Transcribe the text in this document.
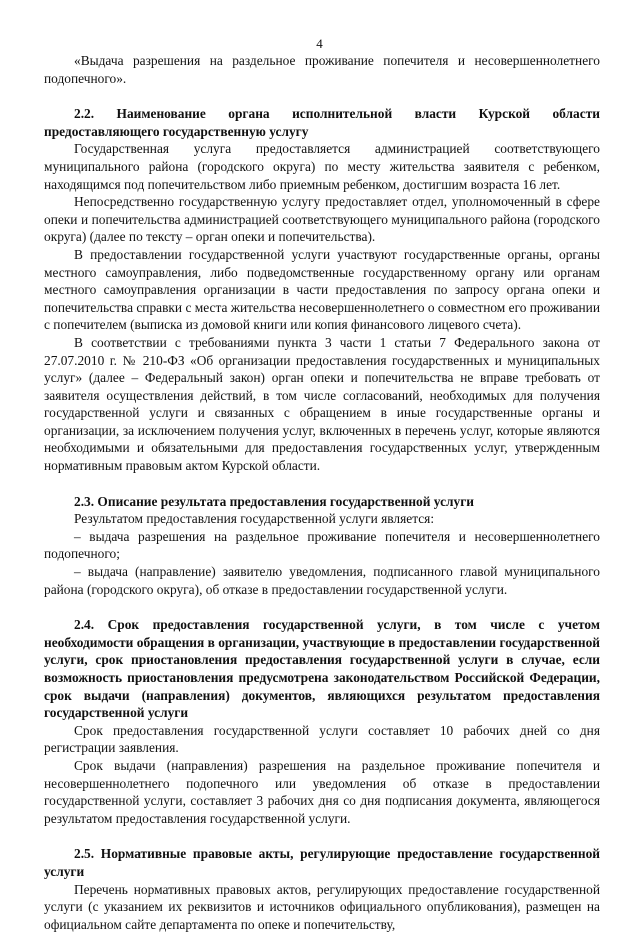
4

«Выдача разрешения на раздельное проживание попечителя и несовершеннолетнего подопечного».

2.2. Наименование органа исполнительной власти Курской области предоставляющего государственную услугу

Государственная услуга предоставляется администрацией соответствующего муниципального района (городского округа) по месту жительства заявителя с ребенком, находящимся под попечительством либо приемным ребенком, достигшим возраста 16 лет.

Непосредственно государственную услугу предоставляет отдел, уполномоченный в сфере опеки и попечительства администрацией соответствующего муниципального района (городского округа) (далее по тексту – орган опеки и попечительства).

В предоставлении государственной услуги участвуют государственные органы, органы местного самоуправления, либо подведомственные государственному органу или органам местного самоуправления организации в части предоставления по запросу органа опеки и попечительства справки с места жительства несовершеннолетнего о совместном его проживании с попечителем (выписка из домовой книги или копия финансового лицевого счета).

В соответствии с требованиями пункта 3 части 1 статьи 7 Федерального закона от 27.07.2010 г. № 210-ФЗ «Об организации предоставления государственных и муниципальных услуг» (далее – Федеральный закон) орган опеки и попечительства не вправе требовать от заявителя осуществления действий, в том числе согласований, необходимых для получения государственной услуги и связанных с обращением в иные государственные органы и организации, за исключением получения услуг, включенных в перечень услуг, которые являются необходимыми и обязательными для предоставления государственных услуг, утвержденным нормативным правовым актом Курской области.

2.3. Описание результата предоставления государственной услуги

Результатом предоставления государственной услуги является:

– выдача разрешения на раздельное проживание попечителя и несовершеннолетнего подопечного;

– выдача (направление) заявителю уведомления, подписанного главой муниципального района (городского округа), об отказе в предоставлении государственной услуги.

2.4. Срок предоставления государственной услуги, в том числе с учетом необходимости обращения в организации, участвующие в предоставлении государственной услуги, срок приостановления предоставления государственной услуги в случае, если возможность приостановления предусмотрена законодательством Российской Федерации, срок выдачи (направления) документов, являющихся результатом предоставления государственной услуги

Срок предоставления государственной услуги составляет 10 рабочих дней со дня регистрации заявления.

Срок выдачи (направления) разрешения на раздельное проживание попечителя и несовершеннолетнего подопечного или уведомления об отказе в предоставлении государственной услуги, составляет 3 рабочих дня со дня подписания документа, являющегося результатом предоставления государственной услуги.

2.5. Нормативные правовые акты, регулирующие предоставление государственной услуги

Перечень нормативных правовых актов, регулирующих предоставление государственной услуги (с указанием их реквизитов и источников официального опубликования), размещен на официальном сайте департамента по опеке и попечительству,
